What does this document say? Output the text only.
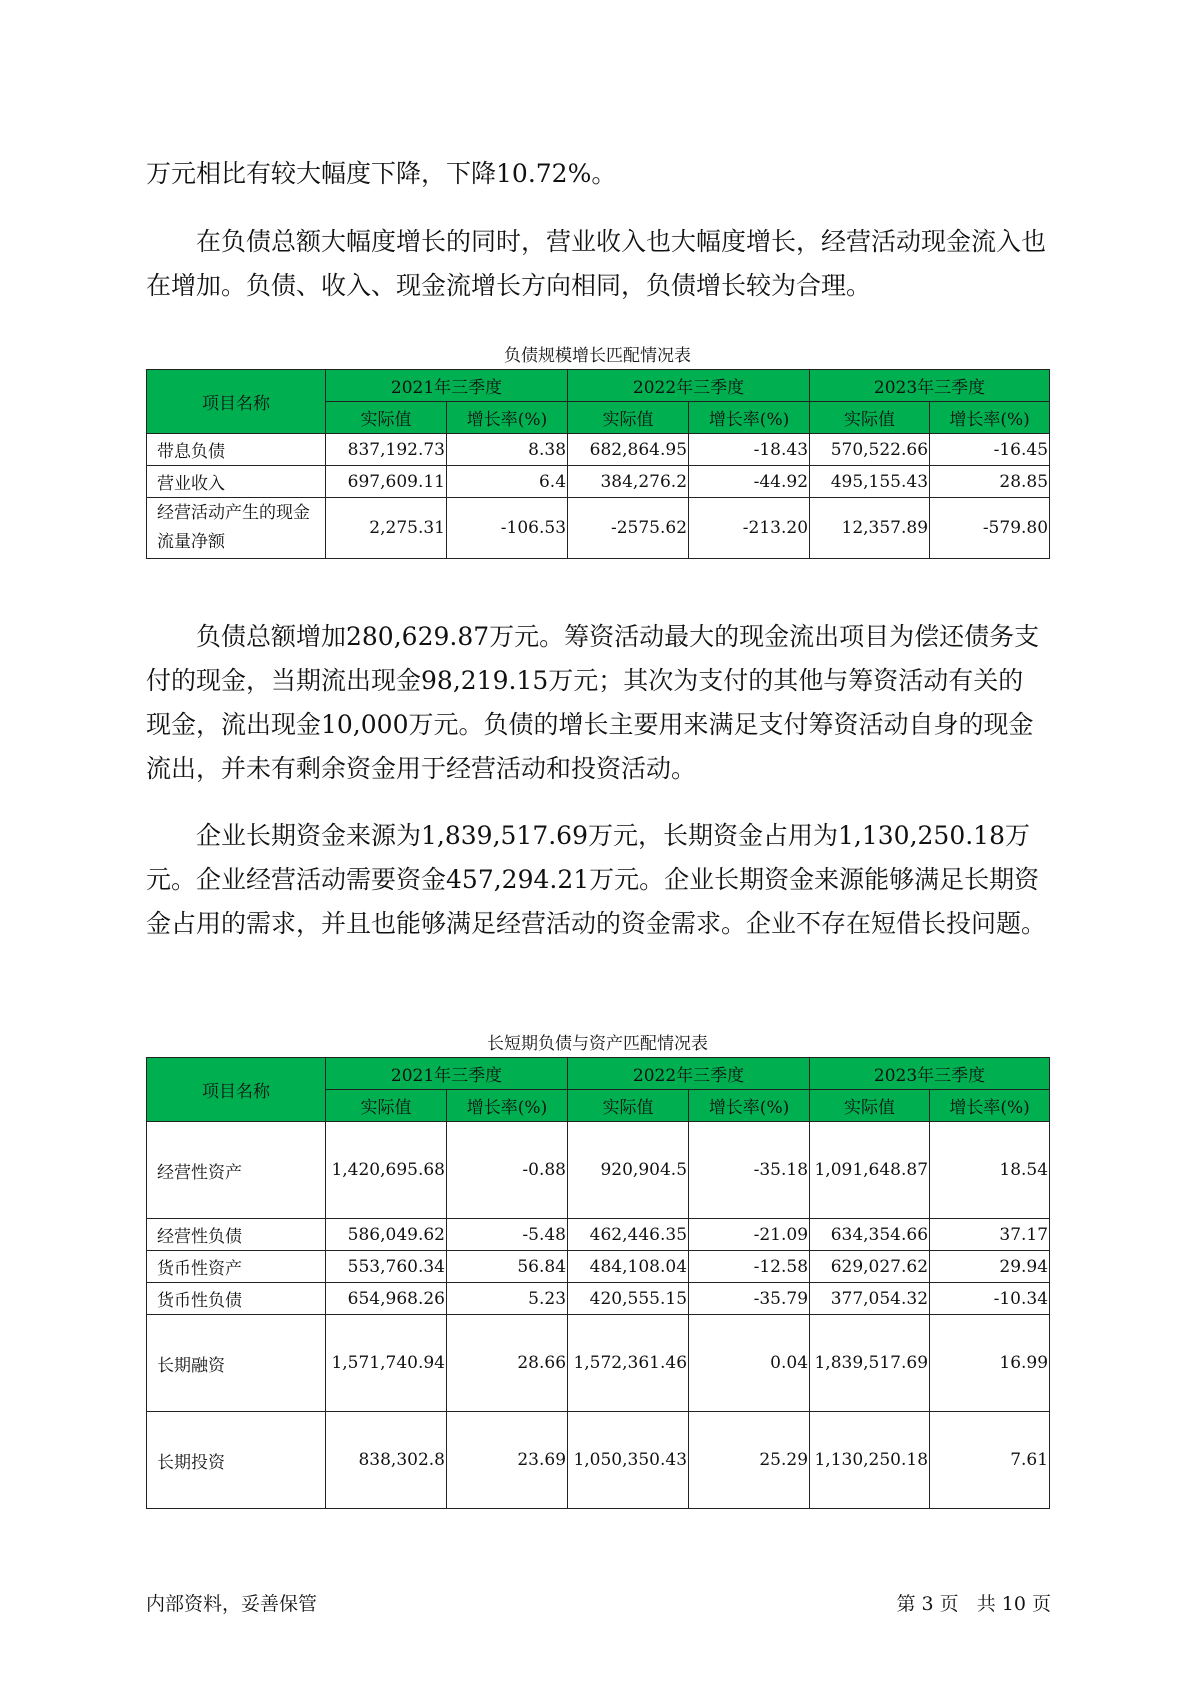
万元相比有较大幅度下降，下降10.72%。

在负债总额大幅度增长的同时，营业收入也大幅度增长，经营活动现金流入也在增加。负债、收入、现金流增长方向相同，负债增长较为合理。

负债规模增长匹配情况表
项目名称	2021年三季度		2022年三季度		2023年三季度	
	实际值	增长率(%)	实际值	增长率(%)	实际值	增长率(%)
带息负债	837,192.73	8.38	682,864.95	-18.43	570,522.66	-16.45
营业收入	697,609.11	6.4	384,276.2	-44.92	495,155.43	28.85
经营活动产生的现金流量净额	2,275.31	-106.53	-2575.62	-213.20	12,357.89	-579.80

负债总额增加280,629.87万元。筹资活动最大的现金流出项目为偿还债务支付的现金，当期流出现金98,219.15万元；其次为支付的其他与筹资活动有关的现金，流出现金10,000万元。负债的增长主要用来满足支付筹资活动自身的现金流出，并未有剩余资金用于经营活动和投资活动。

企业长期资金来源为1,839,517.69万元，长期资金占用为1,130,250.18万元。企业经营活动需要资金457,294.21万元。企业长期资金来源能够满足长期资金占用的需求，并且也能够满足经营活动的资金需求。企业不存在短借长投问题。

长短期负债与资产匹配情况表
项目名称	2021年三季度		2022年三季度		2023年三季度	
	实际值	增长率(%)	实际值	增长率(%)	实际值	增长率(%)
经营性资产	1,420,695.68	-0.88	920,904.5	-35.18	1,091,648.87	18.54
经营性负债	586,049.62	-5.48	462,446.35	-21.09	634,354.66	37.17
货币性资产	553,760.34	56.84	484,108.04	-12.58	629,027.62	29.94
货币性负债	654,968.26	5.23	420,555.15	-35.79	377,054.32	-10.34
长期融资	1,571,740.94	28.66	1,572,361.46	0.04	1,839,517.69	16.99
长期投资	838,302.8	23.69	1,050,350.43	25.29	1,130,250.18	7.61
内部资料，妥善保管	第 3 页   共 10 页
